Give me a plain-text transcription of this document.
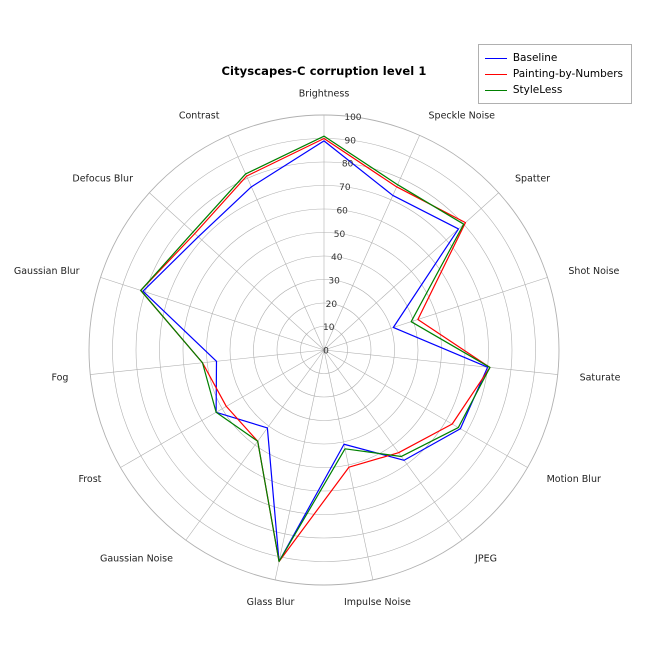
Cityscapes-C corruption level 1
Baseline
Painting-by-Numbers
StyleLess
0
10
20
30
40
50
60
70
80
90
100
Brightness
Speckle Noise
Spatter
Shot Noise
Saturate
Motion Blur
JPEG
Impulse Noise
Glass Blur
Gaussian Noise
Frost
Fog
Gaussian Blur
Defocus Blur
Contrast
